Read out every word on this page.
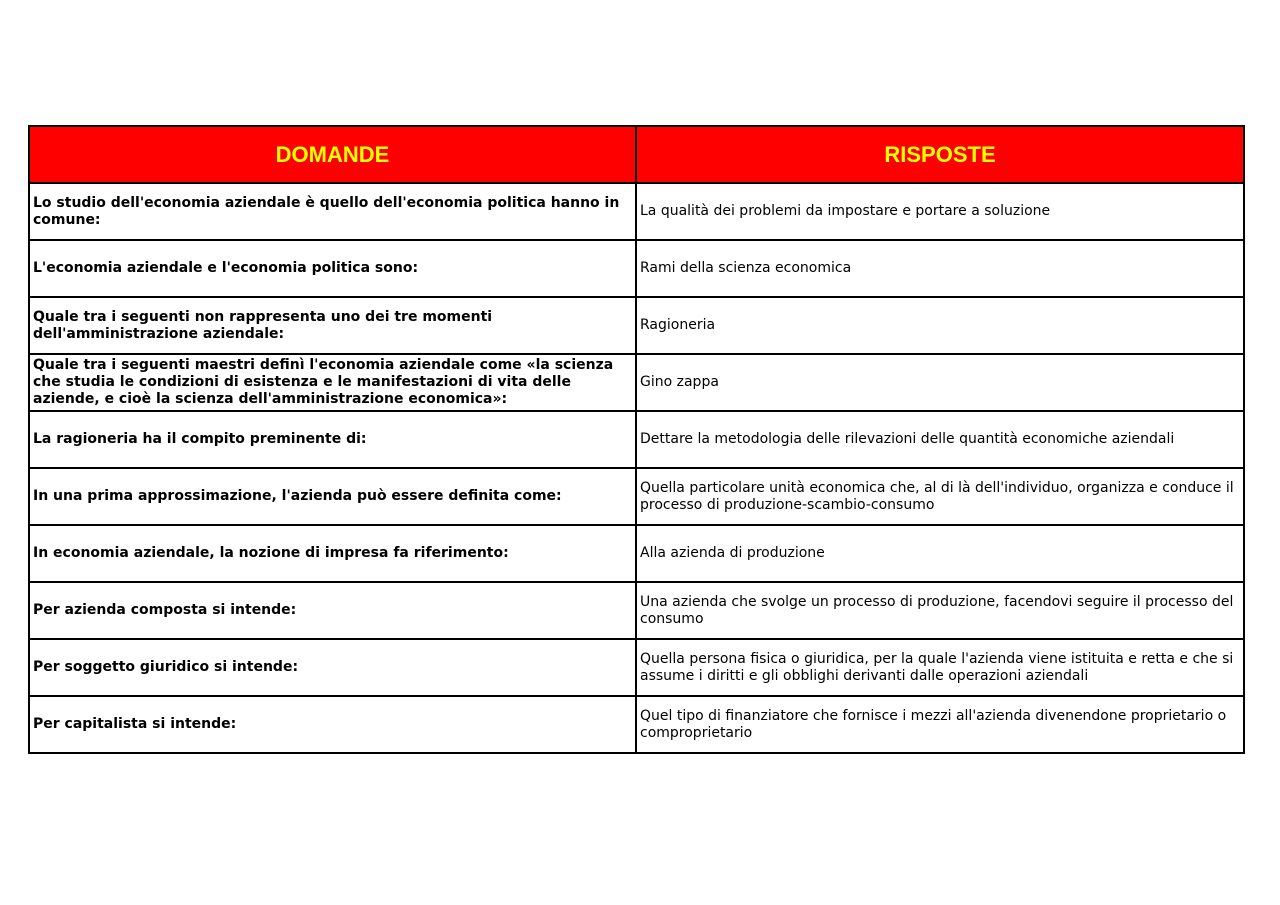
DOMANDE	RISPOSTE
Lo studio dell'economia aziendale è quello dell'economia politica hanno in comune:	La qualità dei problemi da impostare e portare a soluzione
L'economia aziendale e l'economia politica sono:	Rami della scienza economica
Quale tra i seguenti non rappresenta uno dei tre momenti dell'amministrazione aziendale:	Ragioneria
Quale tra i seguenti maestri definì l'economia aziendale come «la scienza che studia le condizioni di esistenza e le manifestazioni di vita delle aziende, e cioè la scienza dell'amministrazione economica»:	Gino zappa
La ragioneria ha il compito preminente di:	Dettare la metodologia delle rilevazioni delle quantità economiche aziendali
In una prima approssimazione, l'azienda può essere definita come:	Quella particolare unità economica che, al di là dell'individuo, organizza e conduce il processo di produzione-scambio-consumo
In economia aziendale, la nozione di impresa fa riferimento:	Alla azienda di produzione
Per azienda composta si intende:	Una azienda che svolge un processo di produzione, facendovi seguire il processo del consumo
Per soggetto giuridico si intende:	Quella persona fisica o giuridica, per la quale l'azienda viene istituita e retta e che si assume i diritti e gli obblighi derivanti dalle operazioni aziendali
Per capitalista si intende:	Quel tipo di finanziatore che fornisce i mezzi all'azienda divenendone proprietario o comproprietario
